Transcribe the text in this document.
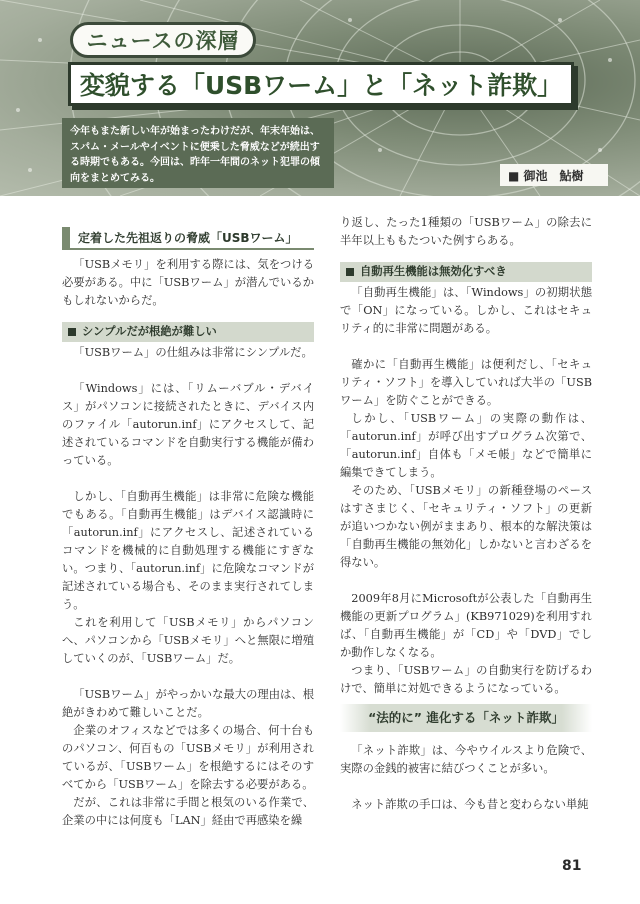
ニュースの深層
変貌する「USBワーム」と「ネット詐欺」
今年もまた新しい年が始まったわけだが、年末年始は、スパム・メールやイベントに便乗した脅威などが続出する時期でもある。今回は、昨年一年間のネット犯罪の傾向をまとめてみる。	■ 御池　鮎樹
定着した先祖返りの脅威「USBワーム」

「USBメモリ」を利用する際には、気をつける必要がある。中に「USBワーム」が潜んでいるかもしれないからだ。

シンプルだが根絶が難しい

「USBワーム」の仕組みは非常にシンプルだ。

「Windows」には、「リムーバブル・デバイス」がパソコンに接続されたときに、デバイス内のファイル「autorun.inf」にアクセスして、記述されているコマンドを自動実行する機能が備わっている。

しかし、「自動再生機能」は非常に危険な機能でもある。「自動再生機能」はデバイス認識時に「autorun.inf」にアクセスし、記述されているコマンドを機械的に自動処理する機能にすぎない。つまり、「autorun.inf」に危険なコマンドが記述されている場合も、そのまま実行されてしまう。

これを利用して「USBメモリ」からパソコンへ、パソコンから「USBメモリ」へと無限に増殖していくのが、「USBワーム」だ。

「USBワーム」がやっかいな最大の理由は、根絶がきわめて難しいことだ。

企業のオフィスなどでは多くの場合、何十台ものパソコン、何百もの「USBメモリ」が利用されているが、「USBワーム」を根絶するにはそのすべてから「USBワーム」を除去する必要がある。

だが、これは非常に手間と根気のいる作業で、企業の中には何度も「LAN」経由で再感染を繰

り返し、たった1種類の「USBワーム」の除去に半年以上ももたついた例すらある。

自動再生機能は無効化すべき

「自動再生機能」は、「Windows」の初期状態で「ON」になっている。しかし、これはセキュリティ的に非常に問題がある。

確かに「自動再生機能」は便利だし、「セキュリティ・ソフト」を導入していれば大半の「USBワーム」を防ぐことができる。

しかし、「USBワーム」の実際の動作は、「autorun.inf」が呼び出すプログラム次第で、「autorun.inf」自体も「メモ帳」などで簡単に編集できてしまう。

そのため、「USBメモリ」の新種登場のペースはすさまじく、「セキュリティ・ソフト」の更新が追いつかない例がままあり、根本的な解決策は「自動再生機能の無効化」しかないと言わざるを得ない。

2009年8月にMicrosoftが公表した「自動再生機能の更新プログラム」(KB971029)を利用すれば、「自動再生機能」が「CD」や「DVD」でしか動作しなくなる。

つまり、「USBワーム」の自動実行を防げるわけで、簡単に対処できるようになっている。

“法的に” 進化する「ネット詐欺」

「ネット詐欺」は、今やウイルスより危険で、実際の金銭的被害に結びつくことが多い。

ネット詐欺の手口は、今も昔と変わらない単純

81
